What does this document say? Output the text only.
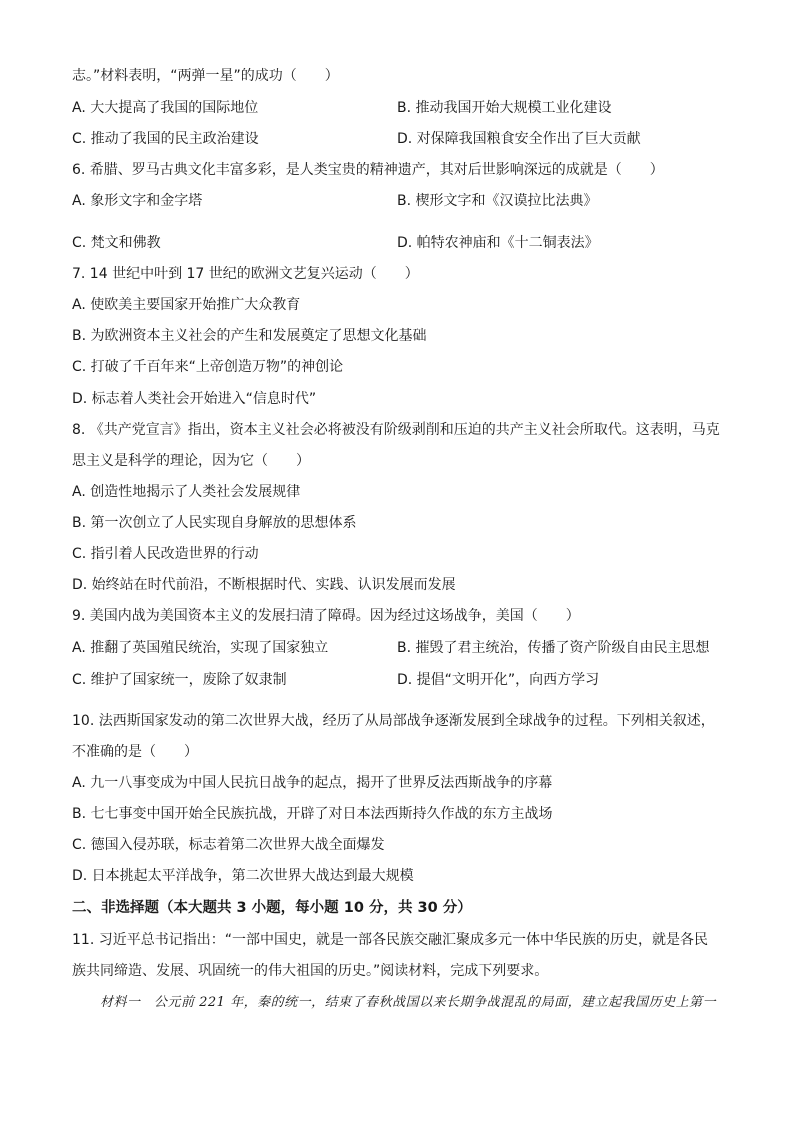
志。”材料表明，“两弹一星”的成功（　　）
A. 大大提高了我国的国际地位	B. 推动我国开始大规模工业化建设
C. 推动了我国的民主政治建设	D. 对保障我国粮食安全作出了巨大贡献
6. 希腊、罗马古典文化丰富多彩，是人类宝贵的精神遗产，其对后世影响深远的成就是（　　）
A. 象形文字和金字塔	B. 楔形文字和《汉谟拉比法典》
C. 梵文和佛教	D. 帕特农神庙和《十二铜表法》
7. 14 世纪中叶到 17 世纪的欧洲文艺复兴运动（　　）
A. 使欧美主要国家开始推广大众教育
B. 为欧洲资本主义社会的产生和发展奠定了思想文化基础
C. 打破了千百年来“上帝创造万物”的神创论
D. 标志着人类社会开始进入“信息时代”
8. 《共产党宣言》指出，资本主义社会必将被没有阶级剥削和压迫的共产主义社会所取代。这表明，马克
思主义是科学的理论，因为它（　　）
A. 创造性地揭示了人类社会发展规律
B. 第一次创立了人民实现自身解放的思想体系
C. 指引着人民改造世界的行动
D. 始终站在时代前沿，不断根据时代、实践、认识发展而发展
9. 美国内战为美国资本主义的发展扫清了障碍。因为经过这场战争，美国（　　）
A. 推翻了英国殖民统治，实现了国家独立	B. 摧毁了君主统治，传播了资产阶级自由民主思想
C. 维护了国家统一，废除了奴隶制	D. 提倡“文明开化”，向西方学习
10. 法西斯国家发动的第二次世界大战，经历了从局部战争逐渐发展到全球战争的过程。下列相关叙述，
不准确的是（　　）
A. 九一八事变成为中国人民抗日战争的起点，揭开了世界反法西斯战争的序幕
B. 七七事变中国开始全民族抗战，开辟了对日本法西斯持久作战的东方主战场
C. 德国入侵苏联，标志着第二次世界大战全面爆发
D. 日本挑起太平洋战争，第二次世界大战达到最大规模
二、非选择题（本大题共 3 小题，每小题 10 分，共 30 分）
11. 习近平总书记指出：“一部中国史，就是一部各民族交融汇聚成多元一体中华民族的历史，就是各民
族共同缔造、发展、巩固统一的伟大祖国的历史。”阅读材料，完成下列要求。
材料一　公元前 221 年，秦的统一，结束了春秋战国以来长期争战混乱的局面，建立起我国历史上第一
